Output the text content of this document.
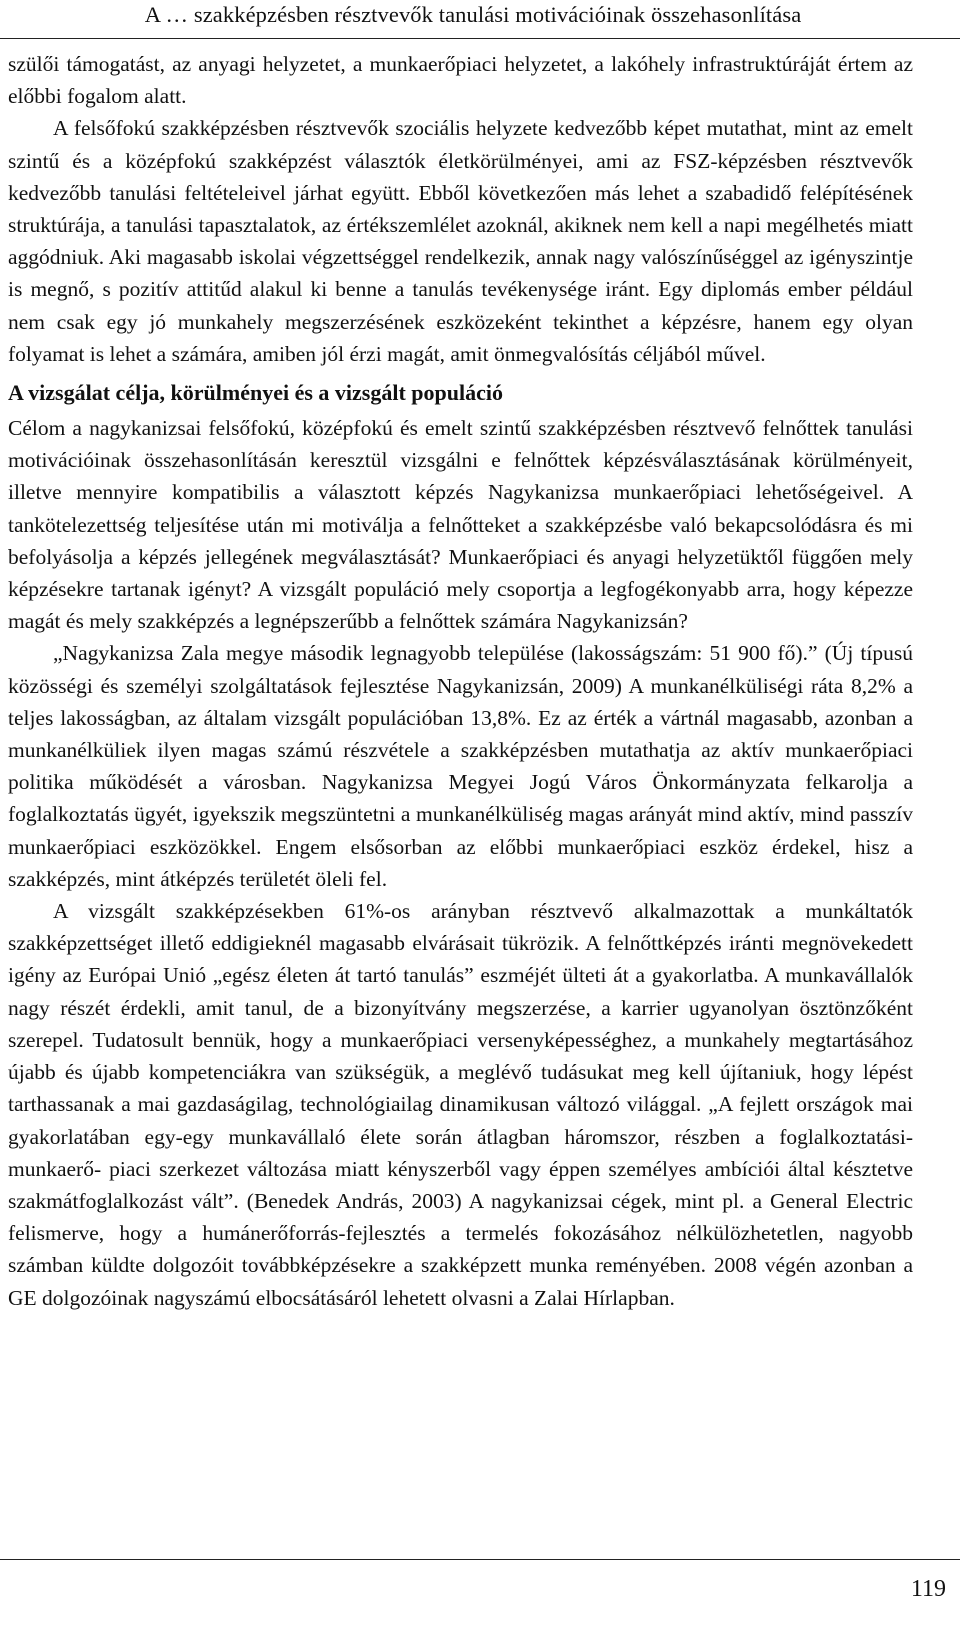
A … szakképzésben résztvevők tanulási motivációinak összehasonlítása

szülői támogatást, az anyagi helyzetet, a munkaerőpiaci helyzetet, a lakóhely infrastruktúráját értem az előbbi fogalom alatt.

A felsőfokú szakképzésben résztvevők szociális helyzete kedvezőbb képet mutathat, mint az emelt szintű és a középfokú szakképzést választók életkörülményei, ami az FSZ-képzésben résztvevők kedvezőbb tanulási feltételeivel járhat együtt. Ebből következően más lehet a szabadidő felépítésének struktúrája, a tanulási tapasztalatok, az értékszemlélet azoknál, akiknek nem kell a napi megélhetés miatt aggódniuk. Aki magasabb iskolai végzettséggel rendelkezik, annak nagy valószínűséggel az igényszintje is megnő, s pozitív attitűd alakul ki benne a tanulás tevékenysége iránt. Egy diplomás ember például nem csak egy jó munkahely megszerzésének eszközeként tekinthet a képzésre, hanem egy olyan folyamat is lehet a számára, amiben jól érzi magát, amit önmegvalósítás céljából művel.

A vizsgálat célja, körülményei és a vizsgált populáció

Célom a nagykanizsai felsőfokú, középfokú és emelt szintű szakképzésben résztvevő felnőttek tanulási motivációinak összehasonlításán keresztül vizsgálni e felnőttek képzésválasztásának körülményeit, illetve mennyire kompatibilis a választott képzés Nagykanizsa munkaerőpiaci lehetőségeivel. A tankötelezettség teljesítése után mi motiválja a felnőtteket a szakképzésbe való bekapcsolódásra és mi befolyásolja a képzés jellegének megválasztását? Munkaerőpiaci és anyagi helyzetüktől függően mely képzésekre tartanak igényt? A vizsgált populáció mely csoportja a legfogékonyabb arra, hogy képezze magát és mely szakképzés a legnépszerűbb a felnőttek számára Nagykanizsán?

„Nagykanizsa Zala megye második legnagyobb települése (lakosságszám: 51 900 fő).” (Új típusú közösségi és személyi szolgáltatások fejlesztése Nagykanizsán, 2009) A munkanélküliségi ráta 8,2% a teljes lakosságban, az általam vizsgált populációban 13,8%. Ez az érték a vártnál magasabb, azonban a munkanélküliek ilyen magas számú részvétele a szakképzésben mutathatja az aktív munkaerőpiaci politika működését a városban. Nagykanizsa Megyei Jogú Város Önkormányzata felkarolja a foglalkoztatás ügyét, igyekszik megszüntetni a munkanélküliség magas arányát mind aktív, mind passzív munkaerőpiaci eszközökkel. Engem elsősorban az előbbi munkaerőpiaci eszköz érdekel, hisz a szakképzés, mint átképzés területét öleli fel.

A vizsgált szakképzésekben 61%-os arányban résztvevő alkalmazottak a munkáltatók szakképzettséget illető eddigieknél magasabb elvárásait tükrözik. A felnőttképzés iránti megnövekedett igény az Európai Unió „egész életen át tartó tanulás” eszméjét ülteti át a gyakorlatba. A munkavállalók nagy részét érdekli, amit tanul, de a bizonyítvány megszerzése, a karrier ugyanolyan ösztönzőként szerepel. Tudatosult bennük, hogy a munkaerőpiaci versenyképességhez, a munkahely megtartásához újabb és újabb kompetenciákra van szükségük, a meglévő tudásukat meg kell újítaniuk, hogy lépést tarthassanak a mai gazdaságilag, technológiailag dinamikusan változó világgal. „A fejlett országok mai gyakorlatában egy-egy munkavállaló élete során átlagban háromszor, részben a foglalkoztatási-munkaerő- piaci szerkezet változása miatt kényszerből vagy éppen személyes ambíciói által késztetve szakmátfoglalkozást vált”. (Benedek András, 2003) A nagykanizsai cégek, mint pl. a General Electric felismerve, hogy a humánerőforrás-fejlesztés a termelés fokozásához nélkülözhetetlen, nagyobb számban küldte dolgozóit továbbképzésekre a szakképzett munka reményében. 2008 végén azonban a GE dolgozóinak nagyszámú elbocsátásáról lehetett olvasni a Zalai Hírlapban.

119
